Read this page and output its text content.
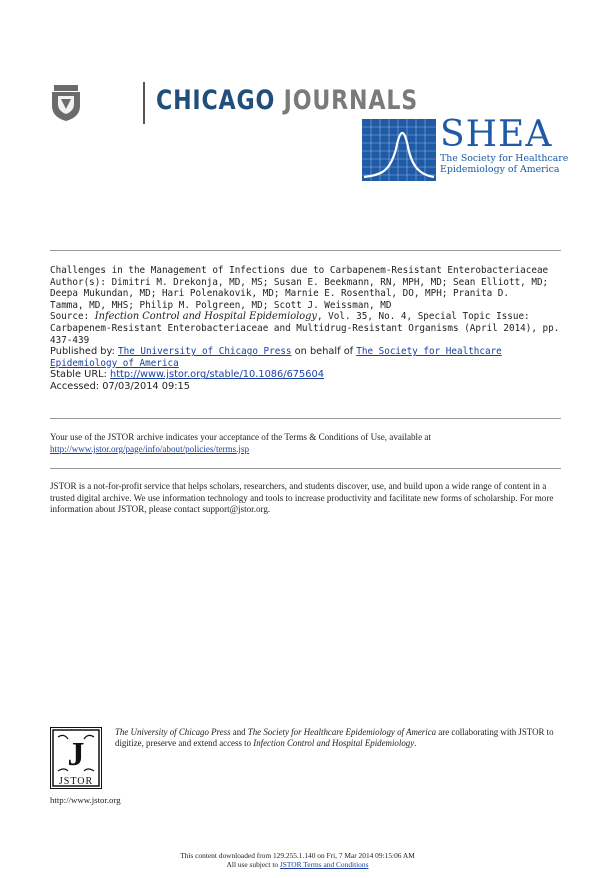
CHICAGO JOURNALS
SHEA
The Society for Healthcare
Epidemiology of America
Challenges in the Management of Infections due to Carbapenem-Resistant Enterobacteriaceae
Author(s): Dimitri M. Drekonja, MD, MS; Susan E. Beekmann, RN, MPH, MD; Sean Elliott, MD;
Deepa Mukundan, MD; Hari Polenakovik, MD; Marnie E. Rosenthal, DO, MPH; Pranita D.
Tamma, MD, MHS; Philip M. Polgreen, MD; Scott J. Weissman, MD
Source: Infection Control and Hospital Epidemiology, Vol. 35, No. 4, Special Topic Issue:
Carbapenem-Resistant Enterobacteriaceae and Multidrug-Resistant Organisms (April 2014), pp.
437-439
Published by: The University of Chicago Press on behalf of The Society for Healthcare Epidemiology of America
Stable URL: http://www.jstor.org/stable/10.1086/675604
Accessed: 07/03/2014 09:15
Your use of the JSTOR archive indicates your acceptance of the Terms & Conditions of Use, available at
http://www.jstor.org/page/info/about/policies/terms.jsp
JSTOR is a not-for-profit service that helps scholars, researchers, and students discover, use, and build upon a wide range of content in a trusted digital archive. We use information technology and tools to increase productivity and facilitate new forms of scholarship. For more information about JSTOR, please contact support@jstor.org.
J
JSTOR
The University of Chicago Press and The Society for Healthcare Epidemiology of America are collaborating with JSTOR to digitize, preserve and extend access to Infection Control and Hospital Epidemiology.
http://www.jstor.org
This content downloaded from 129.255.1.140 on Fri, 7 Mar 2014 09:15:06 AM
All use subject to JSTOR Terms and Conditions
